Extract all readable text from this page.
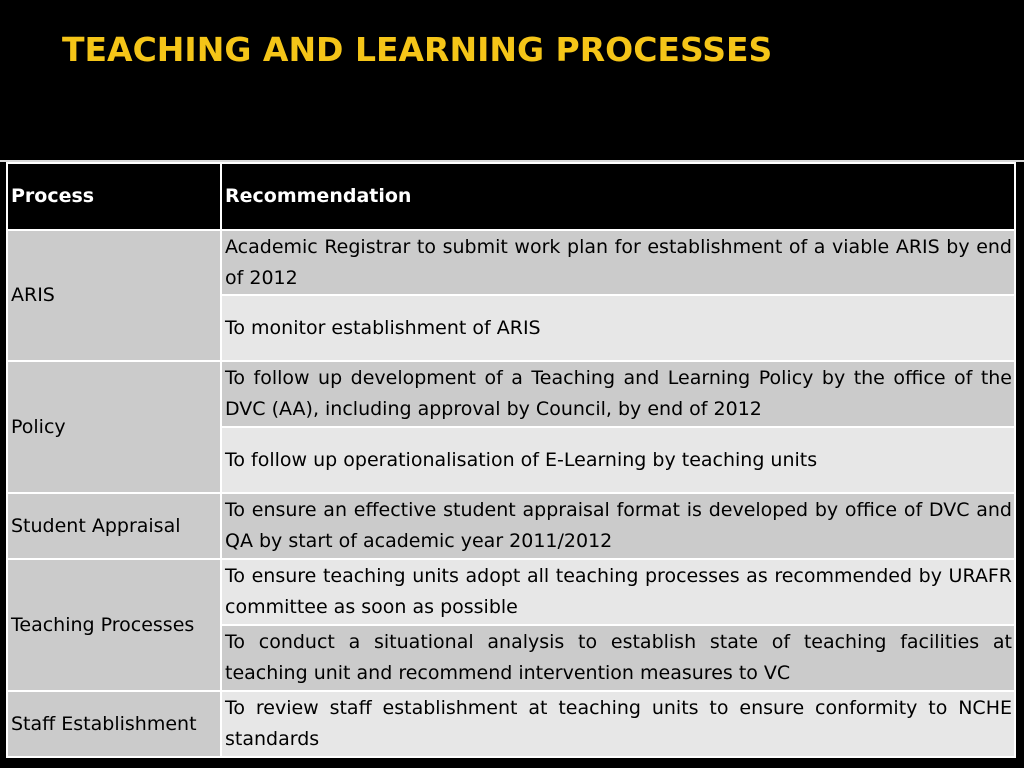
TEACHING AND LEARNING PROCESSES
Process	Recommendation
ARIS	Academic Registrar to submit work plan for establishment of a viable ARIS by end of 2012
	To monitor establishment of ARIS
Policy	To follow up development of a Teaching and Learning Policy by the office of the DVC (AA), including approval by Council, by end of 2012
	To follow up operationalisation of E-Learning by teaching units
Student Appraisal	To ensure an effective student appraisal format is developed by office of DVC and QA by start of academic year 2011/2012
Teaching Processes	To ensure teaching units adopt all teaching processes as recommended by URAFR committee as soon as possible
	To conduct a situational analysis to establish state of teaching facilities at teaching unit and recommend intervention measures to VC
Staff Establishment	To review staff establishment at teaching units to ensure conformity to NCHE standards
